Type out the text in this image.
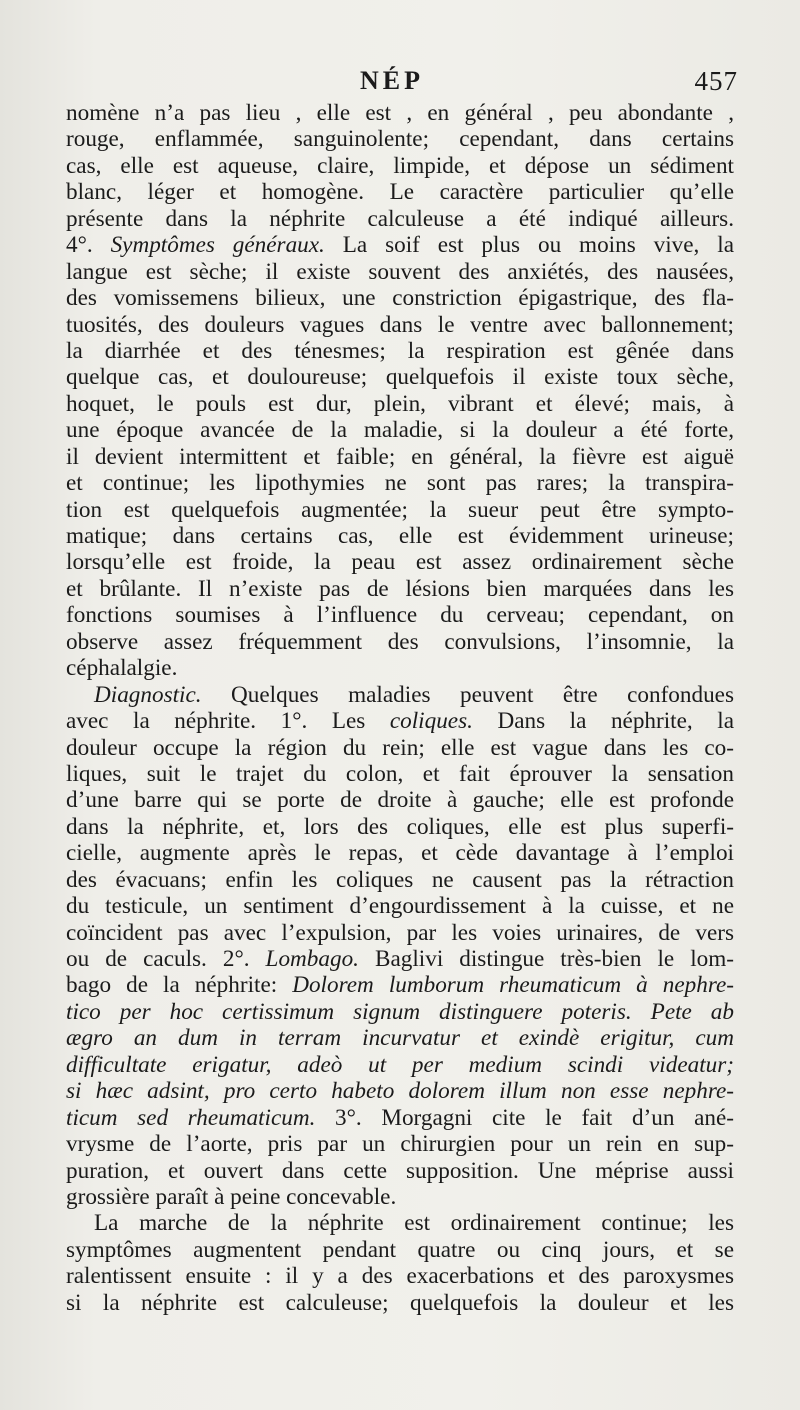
NÉP	457
nomène n’a pas lieu , elle est , en général , peu abondante ,
rouge, enflammée, sanguinolente; cependant, dans certains
cas, elle est aqueuse, claire, limpide, et dépose un sédiment
blanc, léger et homogène. Le caractère particulier qu’elle
présente dans la néphrite calculeuse a été indiqué ailleurs.
4°. Symptômes généraux. La soif est plus ou moins vive, la
langue est sèche; il existe souvent des anxiétés, des nausées,
des vomissemens bilieux, une constriction épigastrique, des fla-
tuosités, des douleurs vagues dans le ventre avec ballonnement;
la diarrhée et des ténesmes; la respiration est gênée dans
quelque cas, et douloureuse; quelquefois il existe toux sèche,
hoquet, le pouls est dur, plein, vibrant et élevé; mais, à
une époque avancée de la maladie, si la douleur a été forte,
il devient intermittent et faible; en général, la fièvre est aiguë
et continue; les lipothymies ne sont pas rares; la transpira-
tion est quelquefois augmentée; la sueur peut être sympto-
matique; dans certains cas, elle est évidemment urineuse;
lorsqu’elle est froide, la peau est assez ordinairement sèche
et brûlante. Il n’existe pas de lésions bien marquées dans les
fonctions soumises à l’influence du cerveau; cependant, on
observe assez fréquemment des convulsions, l’insomnie, la
céphalalgie.
Diagnostic. Quelques maladies peuvent être confondues
avec la néphrite. 1°. Les coliques. Dans la néphrite, la
douleur occupe la région du rein; elle est vague dans les co-
liques, suit le trajet du colon, et fait éprouver la sensation
d’une barre qui se porte de droite à gauche; elle est profonde
dans la néphrite, et, lors des coliques, elle est plus superfi-
cielle, augmente après le repas, et cède davantage à l’emploi
des évacuans; enfin les coliques ne causent pas la rétraction
du testicule, un sentiment d’engourdissement à la cuisse, et ne
coïncident pas avec l’expulsion, par les voies urinaires, de vers
ou de caculs. 2°. Lombago. Baglivi distingue très-bien le lom-
bago de la néphrite: Dolorem lumborum rheumaticum à nephre-
tico per hoc certissimum signum distinguere poteris. Pete ab
ægro an dum in terram incurvatur et exindè erigitur, cum
difficultate erigatur, adeò ut per medium scindi videatur;
si hæc adsint, pro certo habeto dolorem illum non esse nephre-
ticum sed rheumaticum. 3°. Morgagni cite le fait d’un ané-
vrysme de l’aorte, pris par un chirurgien pour un rein en sup-
puration, et ouvert dans cette supposition. Une méprise aussi
grossière paraît à peine concevable.
La marche de la néphrite est ordinairement continue; les
symptômes augmentent pendant quatre ou cinq jours, et se
ralentissent ensuite : il y a des exacerbations et des paroxysmes
si la néphrite est calculeuse; quelquefois la douleur et les
